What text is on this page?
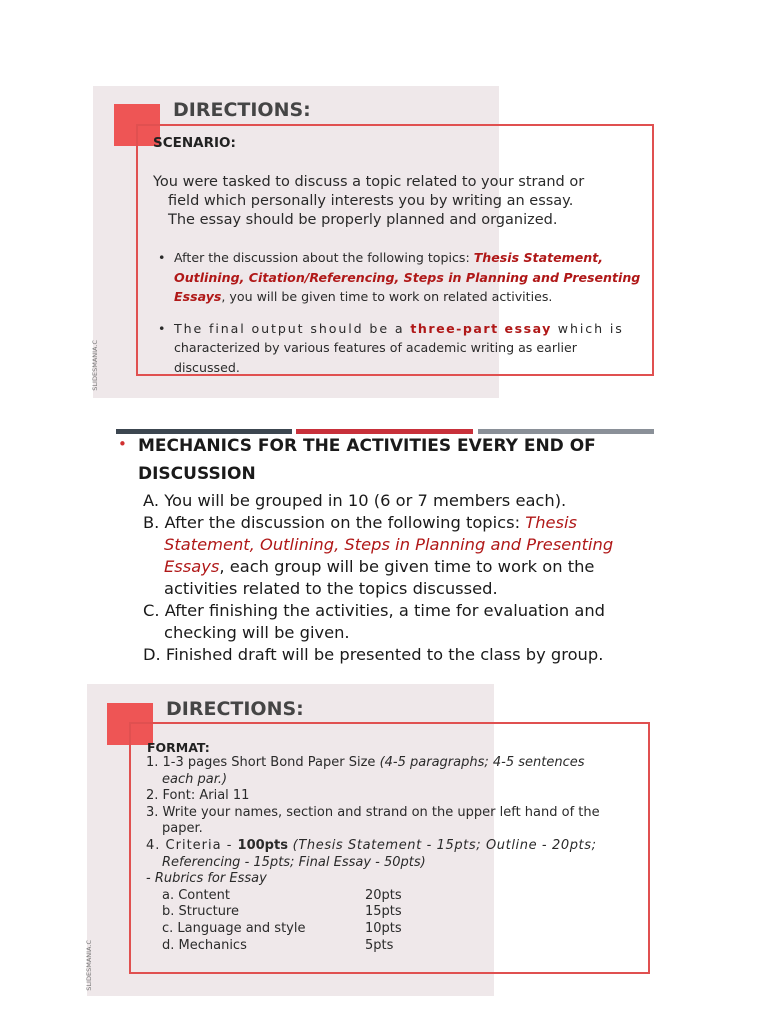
DIRECTIONS:
SCENARIO:
You were tasked to discuss a topic related to your strand or
field which personally interests you by writing an essay.
The essay should be properly planned and organized.
• After the discussion about the following topics: Thesis Statement,
Outlining, Citation/Referencing, Steps in Planning and Presenting
Essays, you will be given time to work on related activities.
• The final output should be a three-part essay which is
characterized by various features of academic writing as earlier
discussed.
SLIDESMANIA.C
• MECHANICS FOR THE ACTIVITIES EVERY END OF
DISCUSSION
A. You will be grouped in 10 (6 or 7 members each).
B. After the discussion on the following topics: Thesis
Statement, Outlining, Steps in Planning and Presenting
Essays, each group will be given time to work on the
activities related to the topics discussed.
C. After finishing the activities, a time for evaluation and
checking will be given.
D. Finished draft will be presented to the class by group.
DIRECTIONS:
FORMAT:
1. 1-3 pages Short Bond Paper Size (4-5 paragraphs; 4-5 sentences
each par.)
2. Font: Arial 11
3. Write your names, section and strand on the upper left hand of the
paper.
4. Criteria - 100pts (Thesis Statement - 15pts; Outline - 20pts;
Referencing - 15pts; Final Essay - 50pts)
- Rubrics for Essay
a. Content	20pts
b. Structure	15pts
c. Language and style	10pts
d. Mechanics	5pts
SLIDESMANIA.C
